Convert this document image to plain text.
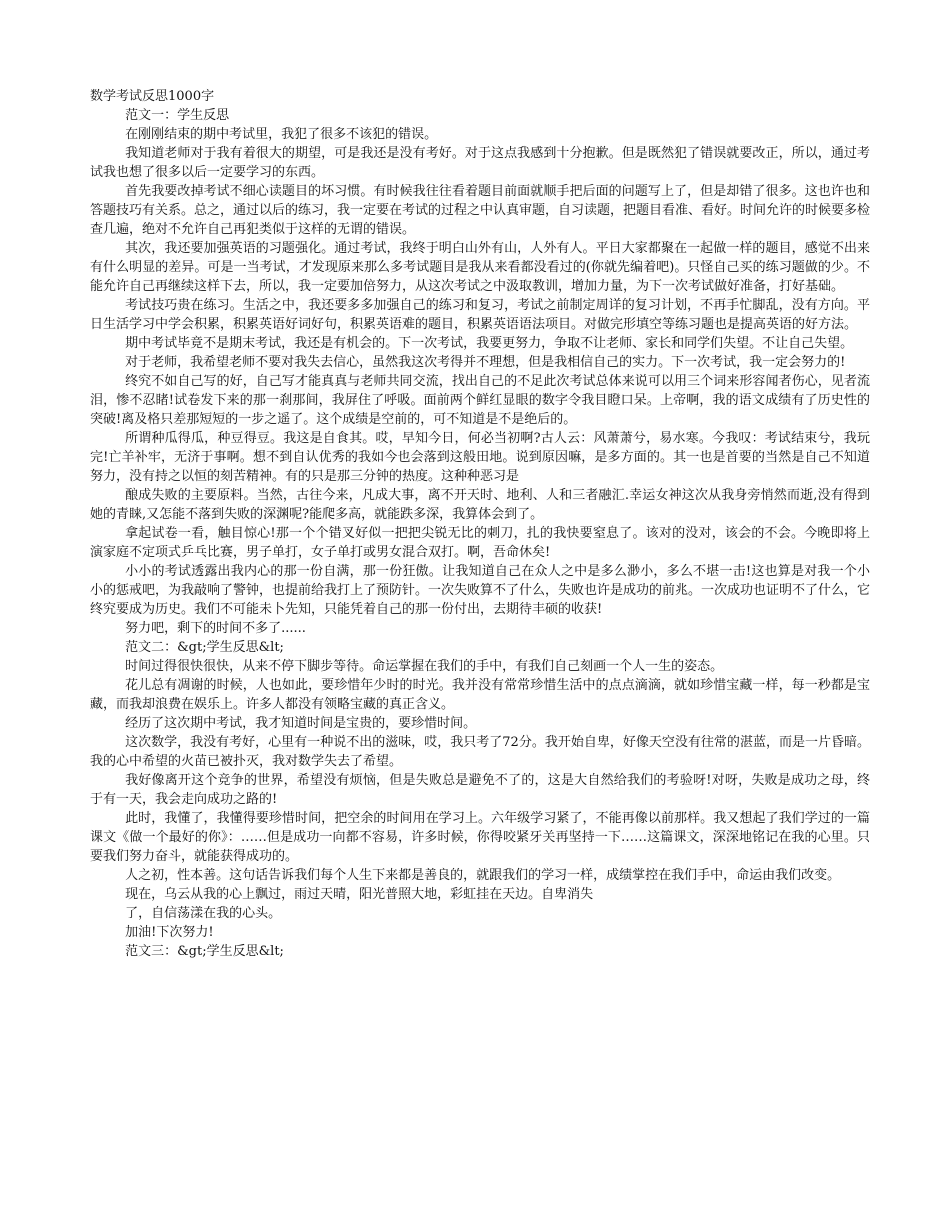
数学考试反思1000字

范文一：学生反思

在刚刚结束的期中考试里，我犯了很多不该犯的错误。

我知道老师对于我有着很大的期望，可是我还是没有考好。对于这点我感到十分抱歉。但是既然犯了错误就要改正，所以，通过考试我也想了很多以后一定要学习的东西。

首先我要改掉考试不细心读题目的坏习惯。有时候我往往看着题目前面就顺手把后面的问题写上了，但是却错了很多。这也许也和答题技巧有关系。总之，通过以后的练习，我一定要在考试的过程之中认真审题，自习读题，把题目看准、看好。时间允许的时候要多检查几遍，绝对不允许自己再犯类似于这样的无谓的错误。

其次，我还要加强英语的习题强化。通过考试，我终于明白山外有山，人外有人。平日大家都聚在一起做一样的题目，感觉不出来有什么明显的差异。可是一当考试，才发现原来那么多考试题目是我从来看都没看过的(你就先编着吧)。只怪自己买的练习题做的少。不能允许自己再继续这样下去，所以，我一定要加倍努力，从这次考试之中汲取教训，增加力量，为下一次考试做好准备，打好基础。

考试技巧贵在练习。生活之中，我还要多多加强自己的练习和复习，考试之前制定周详的复习计划，不再手忙脚乱，没有方向。平日生活学习中学会积累，积累英语好词好句，积累英语难的题目，积累英语语法项目。对做完形填空等练习题也是提高英语的好方法。

期中考试毕竟不是期末考试，我还是有机会的。下一次考试，我要更努力，争取不让老师、家长和同学们失望。不让自己失望。

对于老师，我希望老师不要对我失去信心，虽然我这次考得并不理想，但是我相信自己的实力。下一次考试，我一定会努力的!

终究不如自己写的好，自己写才能真真与老师共同交流，找出自己的不足此次考试总体来说可以用三个词来形容闻者伤心，见者流泪，惨不忍睹!试卷发下来的那一刹那间，我屏住了呼吸。面前两个鲜红显眼的数字令我目瞪口呆。上帝啊，我的语文成绩有了历史性的突破!离及格只差那短短的一步之遥了。这个成绩是空前的，可不知道是不是绝后的。

所谓种瓜得瓜，种豆得豆。我这是自食其。哎，早知今日，何必当初啊?古人云：风萧萧兮，易水寒。今我叹：考试结束兮，我玩完!亡羊补牢，无济于事啊。想不到自认优秀的我如今也会落到这般田地。说到原因嘛，是多方面的。其一也是首要的当然是自己不知道努力，没有持之以恒的刻苦精神。有的只是那三分钟的热度。这种种恶习是

酿成失败的主要原料。当然，古往今来，凡成大事，离不开天时、地利、人和三者融汇.幸运女神这次从我身旁悄然而逝,没有得到她的青睐,又怎能不落到失败的深渊呢?能爬多高，就能跌多深，我算体会到了。

拿起试卷一看，触目惊心!那一个个错叉好似一把把尖锐无比的刺刀，扎的我快要窒息了。该对的没对，该会的不会。今晚即将上演家庭不定项式乒乓比赛，男子单打，女子单打或男女混合双打。啊，吾命休矣!

小小的考试透露出我内心的那一份自满，那一份狂傲。让我知道自己在众人之中是多么渺小，多么不堪一击!这也算是对我一个小小的惩戒吧，为我敲响了警钟，也提前给我打上了预防针。一次失败算不了什么，失败也许是成功的前兆。一次成功也证明不了什么，它终究要成为历史。我们不可能未卜先知，只能凭着自己的那一份付出，去期待丰硕的收获!

努力吧，剩下的时间不多了......

范文二：&gt;学生反思&lt;

时间过得很快很快，从来不停下脚步等待。命运掌握在我们的手中，有我们自己刻画一个人一生的姿态。

花儿总有凋谢的时候，人也如此，要珍惜年少时的时光。我并没有常常珍惜生活中的点点滴滴，就如珍惜宝藏一样，每一秒都是宝藏，而我却浪费在娱乐上。许多人都没有领略宝藏的真正含义。

经历了这次期中考试，我才知道时间是宝贵的，要珍惜时间。

这次数学，我没有考好，心里有一种说不出的滋味，哎，我只考了72分。我开始自卑，好像天空没有往常的湛蓝，而是一片昏暗。我的心中希望的火苗已被扑灭，我对数学失去了希望。

我好像离开这个竞争的世界，希望没有烦恼，但是失败总是避免不了的，这是大自然给我们的考验呀!对呀，失败是成功之母，终于有一天，我会走向成功之路的!

此时，我懂了，我懂得要珍惜时间，把空余的时间用在学习上。六年级学习紧了，不能再像以前那样。我又想起了我们学过的一篇课文《做一个最好的你》：……但是成功一向都不容易，许多时候，你得咬紧牙关再坚持一下……这篇课文，深深地铭记在我的心里。只要我们努力奋斗，就能获得成功的。

人之初，性本善。这句话告诉我们每个人生下来都是善良的，就跟我们的学习一样，成绩掌控在我们手中，命运由我们改变。

现在，乌云从我的心上飘过，雨过天晴，阳光普照大地，彩虹挂在天边。自卑消失

了，自信荡漾在我的心头。

加油!下次努力!

范文三：&gt;学生反思&lt;
